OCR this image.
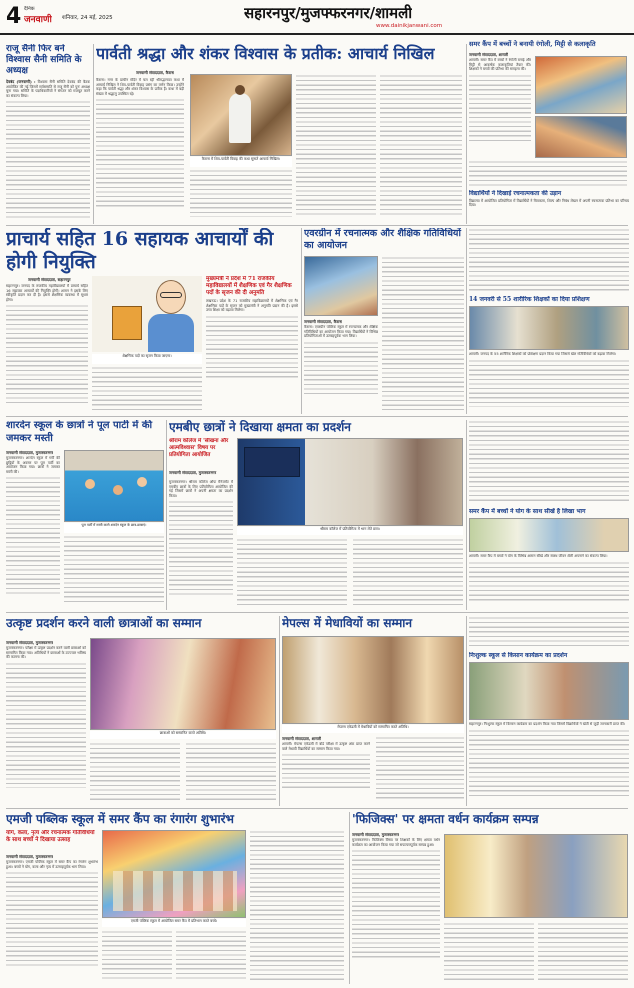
4 दैनिक
जनवाणी शनिवार, 24 मई, 2025	सहारनपुर/मुजफ्फरनगर/शामली
www.dainikjanwani.com
राजू सैनी फिर बने विश्वास सैनी समिति के अध्यक्ष
देवबंद (जनवाणी) : विश्वास सैनी समिति देवबंद की बैठक आयोजित की गई जिसमें सर्वसम्मति से राजू सैनी को पुनः अध्यक्ष चुना गया। समिति के पदाधिकारियों ने संगठन को मजबूत करने का संकल्प लिया।
पार्वती श्रद्धा और शंकर विश्वास के प्रतीक: आचार्य निखिल
जनवाणी संवाददाता, कैराना
कैराना। नगर के प्राचीन मंदिर में चल रही श्रीमद्भागवत कथा में आचार्य निखिल ने शिव-पार्वती विवाह प्रसंग का वर्णन किया। उन्होंने कहा कि पार्वती श्रद्धा और शंकर विश्वास के प्रतीक हैं। कथा में बड़ी संख्या में श्रद्धालु उपस्थित रहे।
कैराना में शिव-पार्वती विवाह की कथा सुनाते आचार्य निखिल।
समर कैंप में बच्चों ने बनायी रंगोली, मिट्टी से कलाकृति
जनवाणी संवाददाता, शामली
शामली। समर कैंप में बच्चों ने रंगोली बनाई और मिट्टी से आकर्षक कलाकृतियां तैयार कीं। शिक्षकों ने बच्चों की प्रतिभा की सराहना की।
विद्यार्थियों ने दिखाई रचनात्मकता की उड़ान
विद्यालय में आयोजित प्रतियोगिता में विद्यार्थियों ने चित्रकला, शिल्प और निबंध लेखन में अपनी रचनात्मक प्रतिभा का परिचय दिया।
प्राचार्य सहित 16 सहायक आचार्यों की होगी नियुक्ति
जनवाणी संवाददाता, सहारनपुर
सहारनपुर। जनपद के राजकीय महाविद्यालयों में प्राचार्य सहित 16 सहायक आचार्यों की नियुक्ति होगी। शासन ने इसके लिए स्वीकृति प्रदान कर दी है। इससे शैक्षणिक व्यवस्था में सुधार होगा।
शैक्षणिक पदों का सृजन किया जाएगा।
मुख्यमंत्री ने प्रदेश में 71 राजकीय महाविद्यालयों में शैक्षणिक एवं गैर शैक्षणिक पदों के सृजन की दी अनुमति
लखनऊ। प्रदेश के 71 राजकीय महाविद्यालयों में शैक्षणिक एवं गैर शैक्षणिक पदों के सृजन को मुख्यमंत्री ने अनुमति प्रदान की है। इससे उच्च शिक्षा को बढ़ावा मिलेगा।
एवरग्रीन में रचनात्मक और शैक्षिक गतिविधियों का आयोजन
जनवाणी संवाददाता, कैराना
कैराना। एवरग्रीन पब्लिक स्कूल में रचनात्मक और शैक्षिक गतिविधियों का आयोजन किया गया। विद्यार्थियों ने विभिन्न प्रतियोगिताओं में उत्साहपूर्वक भाग लिया।
14 जनवरी से 55 शारीरिक शिक्षकों का दिया प्रशिक्षण
शामली। जनपद के 55 शारीरिक शिक्षकों को प्रशिक्षण प्रदान किया गया जिससे खेल गतिविधियों को बढ़ावा मिलेगा।
शारदेन स्कूल के छात्रों ने पूल पार्टी में की जमकर मस्ती
जनवाणी संवाददाता, मुजफ्फरनगर
मुजफ्फरनगर। शारदेन स्कूल में गर्मी की छुट्टियों के अवसर पर पूल पार्टी का आयोजन किया गया। छात्रों ने जमकर मस्ती की।
पूल पार्टी में मस्ती करते शारदेन स्कूल के छात्र-छात्राएं।
एमबीए छात्रों ने दिखाया क्षमता का प्रदर्शन
श्रीराम कॉलेज में 'सीखना और आत्मविश्वास' विषय पर प्रतियोगिता आयोजित
जनवाणी संवाददाता, मुजफ्फरनगर
मुजफ्फरनगर। श्रीराम कॉलेज ऑफ मैनेजमेंट में एमबीए छात्रों के लिए प्रतियोगिता आयोजित की गई जिसमें छात्रों ने अपनी क्षमता का प्रदर्शन किया।
श्रीराम कॉलेज में प्रतियोगिता में भाग लेते छात्र।
समर कैंप में बच्चों ने योग के साथ सीखें है लिखा भाग
शामली। समर कैंप में बच्चों ने योग के विभिन्न आसन सीखे और स्वस्थ जीवन शैली अपनाने का संकल्प लिया।
उत्कृष्ट प्रदर्शन करने वाली छात्राओं का सम्मान
जनवाणी संवाददाता, मुजफ्फरनगर
मुजफ्फरनगर। परीक्षा में उत्कृष्ट प्रदर्शन करने वाली छात्राओं को सम्मानित किया गया। अतिथियों ने छात्राओं के उज्ज्वल भविष्य की कामना की।
छात्राओं को सम्मानित करते अतिथि।
मेपल्स में मेधावियों का सम्मान
मेपल्स एकेडमी में मेधावियों को सम्मानित करते अतिथि।
जनवाणी संवाददाता, शामली
शामली। मेपल्स एकेडमी में बोर्ड परीक्षा में उत्कृष्ट अंक प्राप्त करने वाले मेधावी विद्यार्थियों का सम्मान किया गया।
निःशुल्क स्कूल से किसान कार्यक्रम का प्रदर्शन
सहारनपुर। निःशुल्क स्कूल में किसान कार्यक्रम का प्रदर्शन किया गया जिसमें विद्यार्थियों ने खेती से जुड़ी जानकारी प्राप्त की।
एमजी पब्लिक स्कूल में समर कैंप का रंगारंग शुभारंभ
योग, कला, नृत्य और रचनात्मक गतिविधियों के साथ बच्चों ने दिखाया उत्साह
जनवाणी संवाददाता, मुजफ्फरनगर
मुजफ्फरनगर। एमजी पब्लिक स्कूल में समर कैंप का रंगारंग शुभारंभ हुआ। बच्चों ने योग, कला और नृत्य में उत्साहपूर्वक भाग लिया।
एमजी पब्लिक स्कूल में आयोजित समर कैंप में प्रतिभाग करते बच्चे।
'फिजिक्स' पर क्षमता वर्धन कार्यक्रम सम्पन्न
जनवाणी संवाददाता, मुजफ्फरनगर
मुजफ्फरनगर। फिजिक्स विषय पर शिक्षकों के लिए क्षमता वर्धन कार्यक्रम का आयोजन किया गया जो सफलतापूर्वक सम्पन्न हुआ।
